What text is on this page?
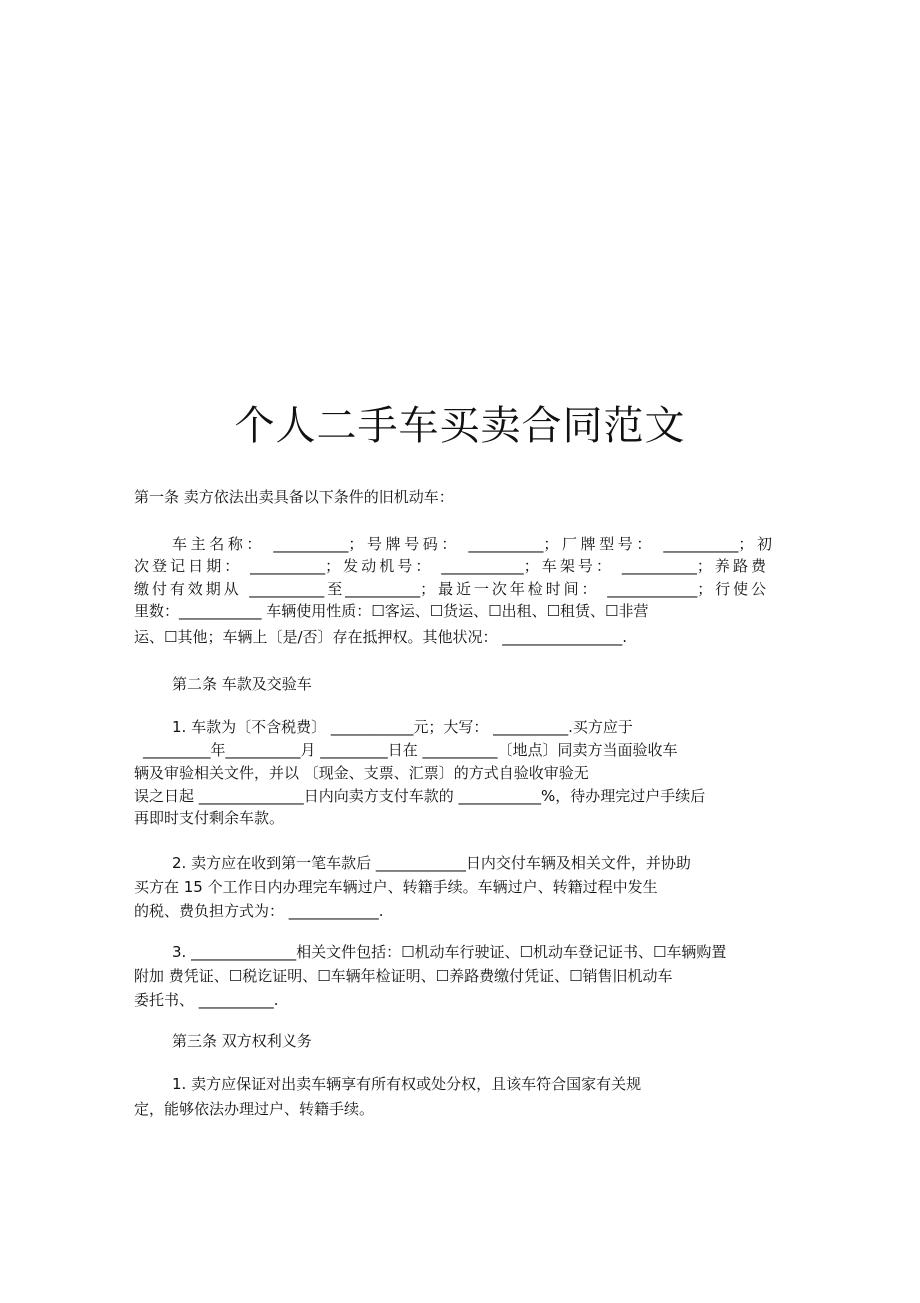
个人二手车买卖合同范文

第一条 卖方依法出卖具备以下条件的旧机动车：

车主名称： __________；号牌号码： __________；厂牌型号： __________；初

次登记日期： __________；发动机号： ___________；车架号： __________；养路费

缴付有效期从 __________至__________；最近一次年检时间： ____________；行使公

里数：___________ 车辆使用性质：☐客运、☐货运、☐出租、☐租赁、☐非营

运、☐其他；车辆上〔是/否〕存在抵押权。其他状况： ________________.

第二条 车款及交验车

1. 车款为〔不含税费〕 ___________元；大写： __________.买方应于

_________年__________月 _________日在 __________〔地点〕同卖方当面验收车

辆及审验相关文件，并以 〔现金、支票、汇票〕的方式自验收审验无

误之日起 ______________日内向卖方支付车款的 ___________%，待办理完过户手续后

再即时支付剩余车款。

2. 卖方应在收到第一笔车款后 ____________日内交付车辆及相关文件，并协助

买方在 15 个工作日内办理完车辆过户、转籍手续。车辆过户、转籍过程中发生

的税、费负担方式为： ____________.

3. ______________相关文件包括：☐机动车行驶证、☐机动车登记证书、☐车辆购置

附加 费凭证、☐税讫证明、☐车辆年检证明、☐养路费缴付凭证、☐销售旧机动车

委托书、 __________.

第三条 双方权利义务

1. 卖方应保证对出卖车辆享有所有权或处分权，且该车符合国家有关规

定，能够依法办理过户、转籍手续。
